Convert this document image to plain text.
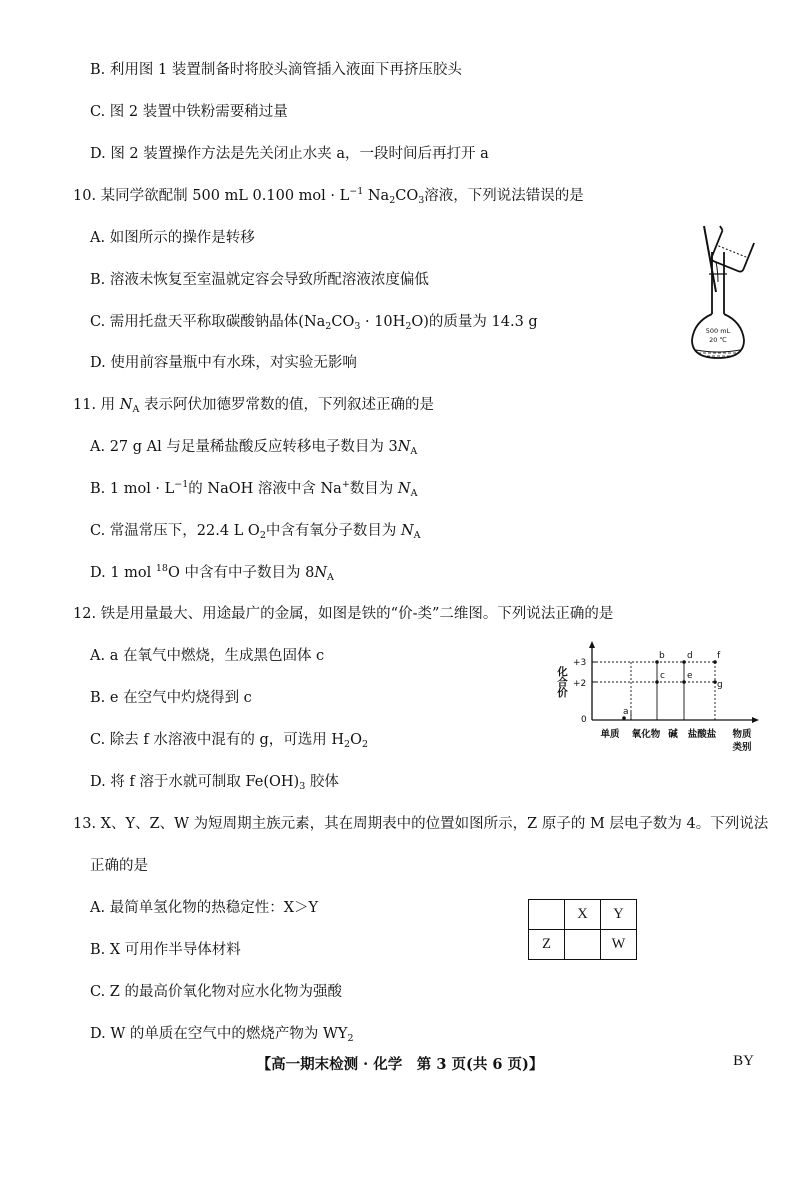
B. 利用图 1 装置制备时将胶头滴管插入液面下再挤压胶头
C. 图 2 装置中铁粉需要稍过量
D. 图 2 装置操作方法是先关闭止水夹 a，一段时间后再打开 a
10. 某同学欲配制 500 mL 0.100 mol · $L^{-1}$ $Na_2CO_3$溶液，下列说法错误的是
A. 如图所示的操作是转移
B. 溶液未恢复至室温就定容会导致所配溶液浓度偏低
C. 需用托盘天平称取碳酸钠晶体$(Na_2CO_3 \cdot 10H_2O)$的质量为 14.3 g
D. 使用前容量瓶中有水珠，对实验无影响
500 mL
20 ℃
11. 用 $N_A$ 表示阿伏加德罗常数的值，下列叙述正确的是
A. 27 g Al 与足量稀盐酸反应转移电子数目为 $3N_A$
B. 1 mol · $L^{-1}$的 NaOH 溶液中含 Na+数目为 $N_A$
C. 常温常压下，22.4 L $O_2$中含有氧分子数目为 $N_A$
D. 1 mol $^{18}$O 中含有中子数目为 $8N_A$
12. 铁是用量最大、用途最广的金属，如图是铁的“价-类”二维图。下列说法正确的是
A. a 在氧气中燃烧，生成黑色固体 c
B. e 在空气中灼烧得到 c
C. 除去 f 水溶液中混有的 g，可选用 $H_2O_2$
D. 将 f 溶于水就可制取 $Fe(OH)_3$ 胶体
化合价
+3
+2
0
a
b
c
d
e
f
g
单质 氧化物 碱 盐酸盐 物质
类别
13. X、Y、Z、W 为短周期主族元素，其在周期表中的位置如图所示，Z 原子的 M 层电子数为 4。下列说法
正确的是
A. 最简单氢化物的热稳定性：X＞Y
B. X 可用作半导体材料
C. Z 的最高价氧化物对应水化物为强酸
D. W 的单质在空气中的燃烧产物为 $WY_2$
	X	Y
Z		W
【高一期末检测 · 化学　第 3 页(共 6 页)】	BY
